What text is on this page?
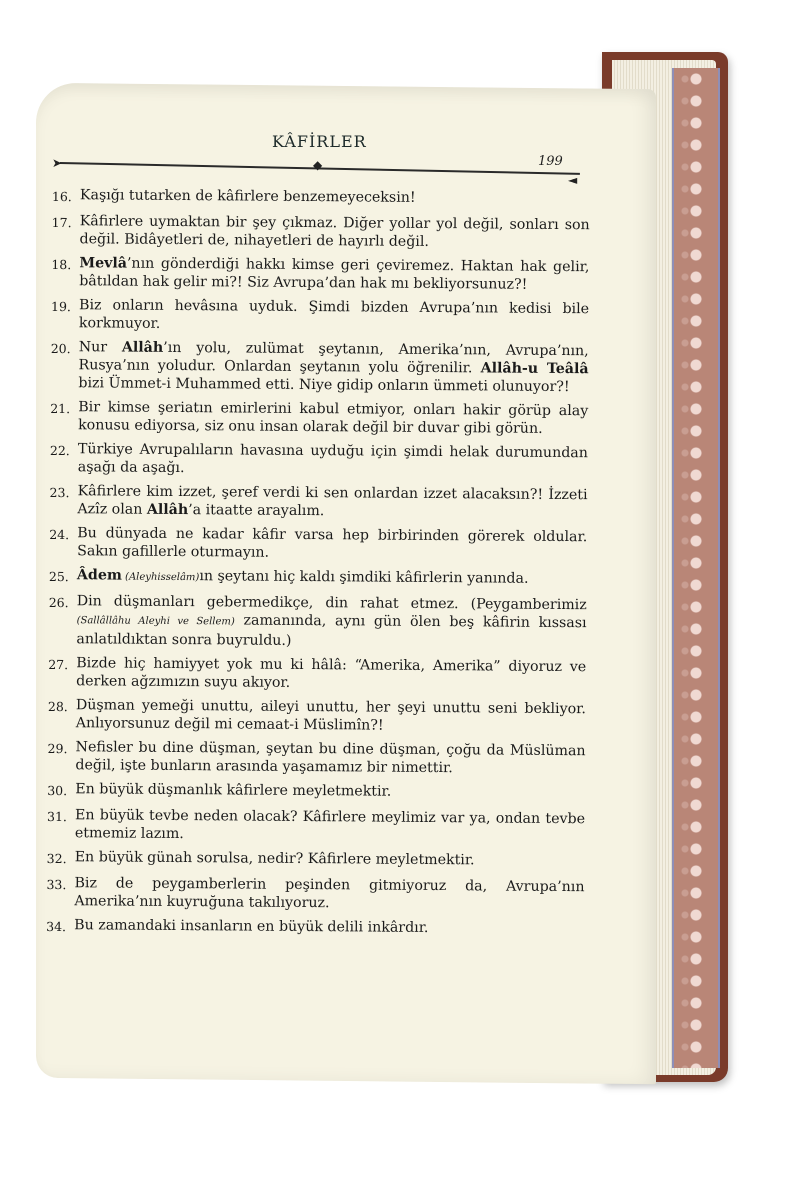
KÂFİRLER
➤	◆
◄
199
16. Kaşığı tutarken de kâfirlere benzemeyeceksin!
17. Kâfirlere uymaktan bir şey çıkmaz. Diğer yollar yol değil, sonları son değil. Bidâyetleri de, nihayetleri de hayırlı değil.
18. Mevlâ’nın gönderdiği hakkı kimse geri çeviremez. Haktan hak gelir, bâtıldan hak gelir mi?! Siz Avrupa’dan hak mı bekliyorsunuz?!
19. Biz onların hevâsına uyduk. Şimdi bizden Avrupa’nın kedisi bile korkmuyor.
20. Nur Allâh’ın yolu, zulümat şeytanın, Amerika’nın, Avrupa’nın, Rusya’nın yoludur. Onlardan şeytanın yolu öğrenilir. Allâh-u Teâlâ bizi Ümmet-i Muhammed etti. Niye gidip onların ümmeti olunuyor?!
21. Bir kimse şeriatın emirlerini kabul etmiyor, onları hakir görüp alay konusu ediyorsa, siz onu insan olarak değil bir duvar gibi görün.
22. Türkiye Avrupalıların havasına uyduğu için şimdi helak durumundan aşağı da aşağı.
23. Kâfirlere kim izzet, şeref verdi ki sen onlardan izzet alacaksın?! İzzeti Azîz olan Allâh’a itaatte arayalım.
24. Bu dünyada ne kadar kâfir varsa hep birbirinden görerek oldular. Sakın gafillerle oturmayın.
25. Âdem (Aleyhisselâm)ın şeytanı hiç kaldı şimdiki kâfirlerin yanında.
26. Din düşmanları gebermedikçe, din rahat etmez. (Peygamberimiz (Sallâllâhu Aleyhi ve Sellem) zamanında, aynı gün ölen beş kâfirin kıssası anlatıldıktan sonra buyruldu.)
27. Bizde hiç hamiyyet yok mu ki hâlâ: “Amerika, Amerika” diyoruz ve derken ağzımızın suyu akıyor.
28. Düşman yemeği unuttu, aileyi unuttu, her şeyi unuttu seni bekliyor. Anlıyorsunuz değil mi cemaat-i Müslimîn?!
29. Nefisler bu dine düşman, şeytan bu dine düşman, çoğu da Müslüman değil, işte bunların arasında yaşamamız bir nimettir.
30. En büyük düşmanlık kâfirlere meyletmektir.
31. En büyük tevbe neden olacak? Kâfirlere meylimiz var ya, ondan tevbe etmemiz lazım.
32. En büyük günah sorulsa, nedir? Kâfirlere meyletmektir.
33. Biz de peygamberlerin peşinden gitmiyoruz da, Avrupa’nın Amerika’nın kuyruğuna takılıyoruz.
34. Bu zamandaki insanların en büyük delili inkârdır.
